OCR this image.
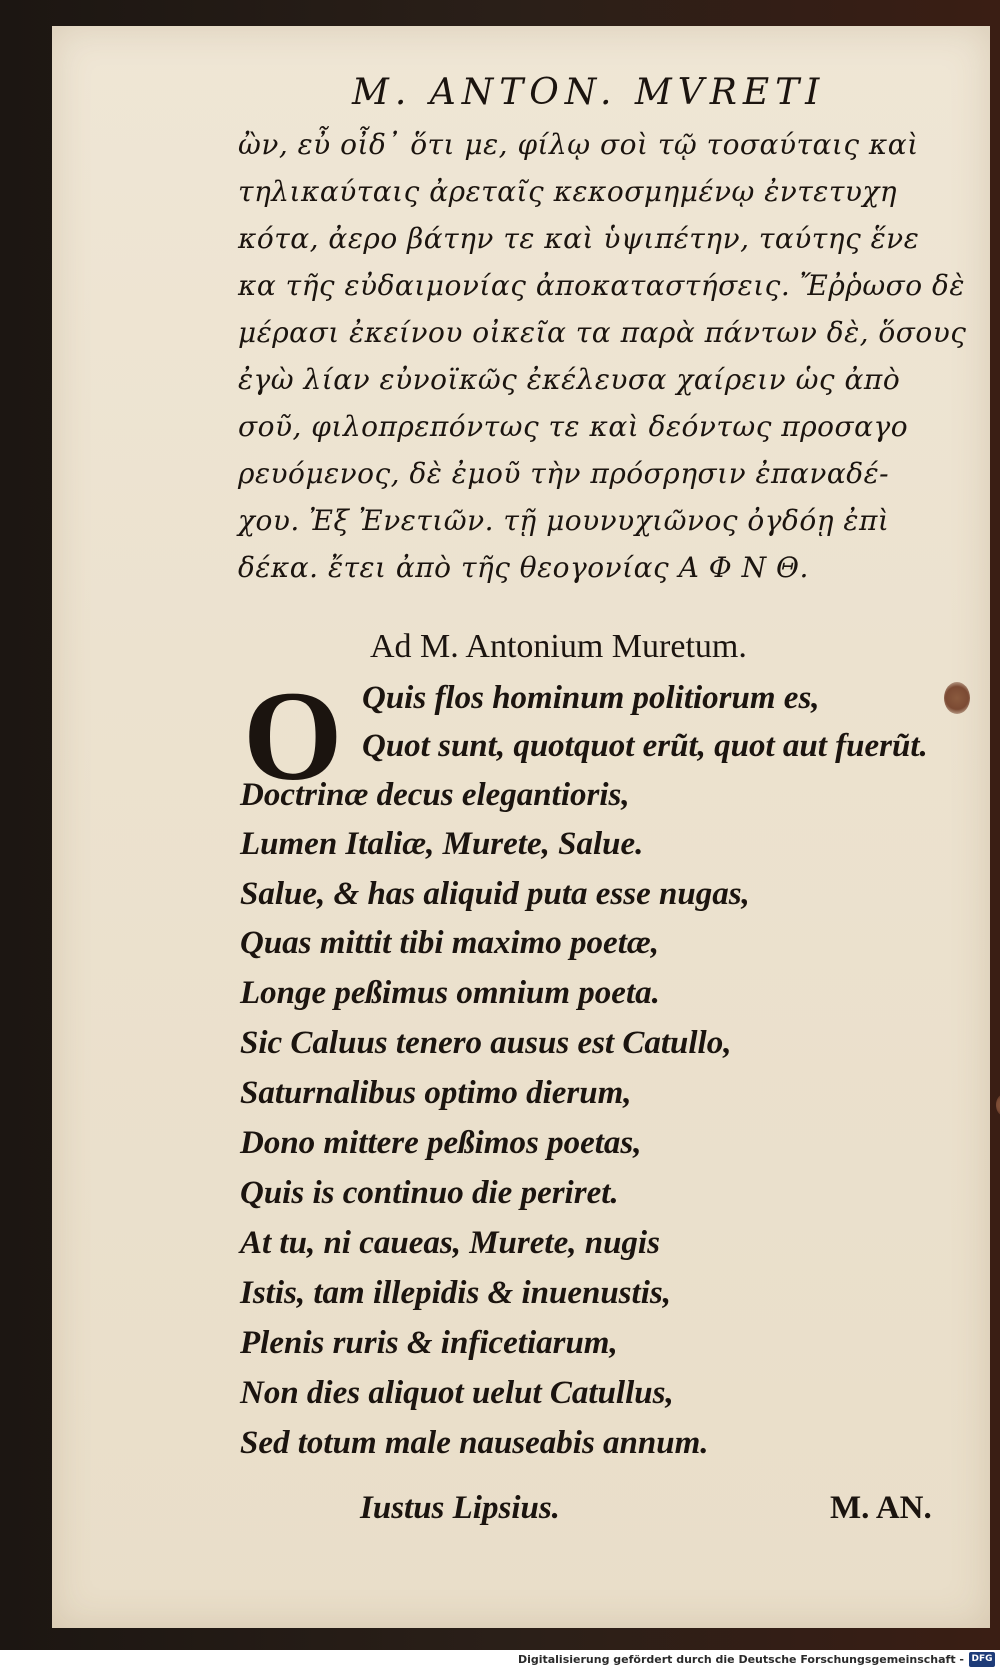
M. ANTON. MVRETI
ὢν, εὖ οἶδ᾽ ὅτι με, φίλῳ σοὶ τῷ τοσαύταις καὶ
τηλικαύταις ἀρεταῖς κεκοσμημένῳ ἐντετυχη
κότα, ἀερο βάτην τε καὶ ὑψιπέτην, ταύτης ἕνε
κα τῆς εὐδαιμονίας ἀποκαταστήσεις. Ἔῤῥωσο δὲ
μέρασι ἐκείνου οἰκεῖα τα παρὰ πάντων δὲ, ὅσους
ἐγὼ λίαν εὐνοϊκῶς ἐκέλευσα χαίρειν ὡς ἀπὸ
σοῦ, φιλοπρεπόντως τε καὶ δεόντως προσαγο
ρευόμενος, δὲ ἐμοῦ τὴν πρόσρησιν ἐπαναδέ-
χου. Ἐξ Ἐνετιῶν. τῇ μουνυχιῶνος ὀγδόῃ ἐπὶ
δέκα. ἔτει ἀπὸ τῆς θεογονίας Α Φ Ν Θ.
Ad M. Antonium Muretum.
O Quis flos hominum politiorum es,
Quot sunt, quotquot erũt, quot aut fuerũt.
Doctrinæ decus elegantioris,
Lumen Italiæ, Murete, Salue.
Salue, & has aliquid puta esse nugas,
Quas mittit tibi maximo poetæ,
Longe peßimus omnium poeta.
Sic Caluus tenero ausus est Catullo,
Saturnalibus optimo dierum,
Dono mittere peßimos poetas,
Quis is continuo die periret.
At tu, ni caueas, Murete, nugis
Istis, tam illepidis & inuenustis,
Plenis ruris & inficetiarum,
Non dies aliquot uelut Catullus,
Sed totum male nauseabis annum.
Iustus Lipsius.	M. AN.
Digitalisierung gefördert durch die Deutsche Forschungsgemeinschaft - DFG
